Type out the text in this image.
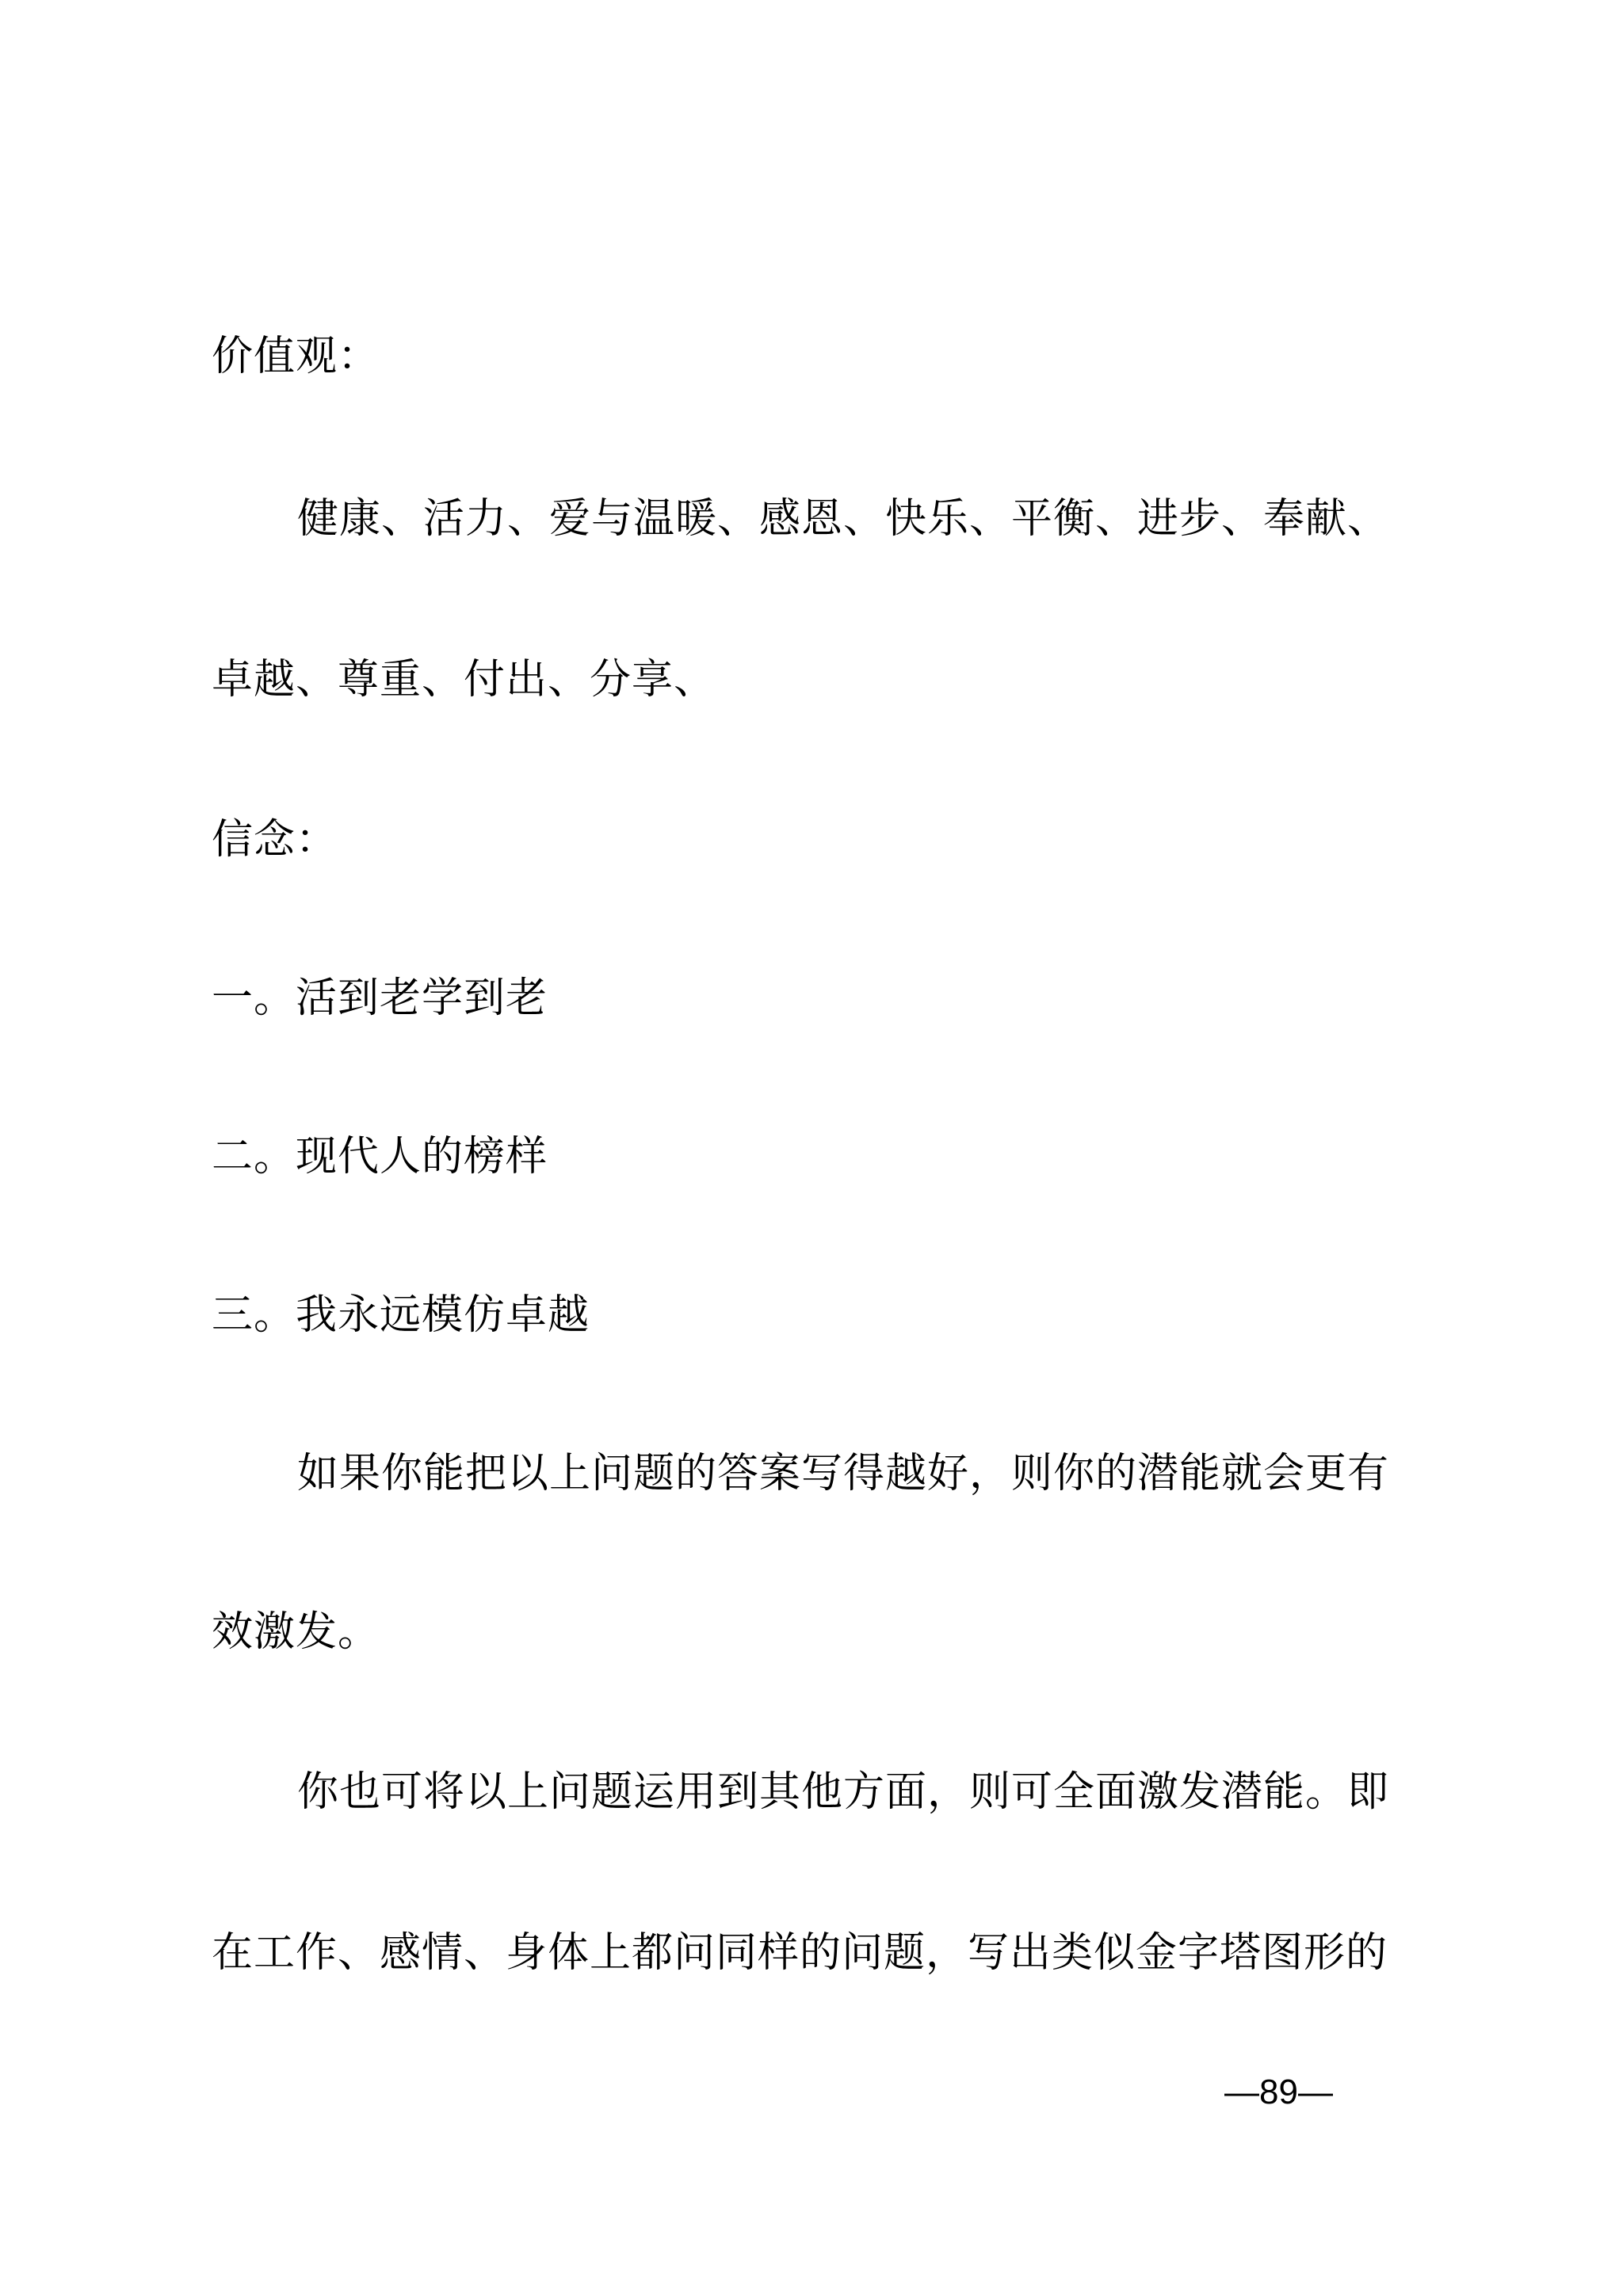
价值观：
健康、活力、爱与温暖、感恩、快乐、平衡、进步、奉献、
卓越、尊重、付出、分享、
信念：
一。活到老学到老
二。现代人的榜样
三。我永远模仿卓越
如果你能把以上问题的答案写得越好，则你的潜能就会更有
效激发。
你也可将以上问题运用到其他方面，则可全面激发潜能。即
在工作、感情、身体上都问同样的问题，写出类似金字塔图形的
—89—
